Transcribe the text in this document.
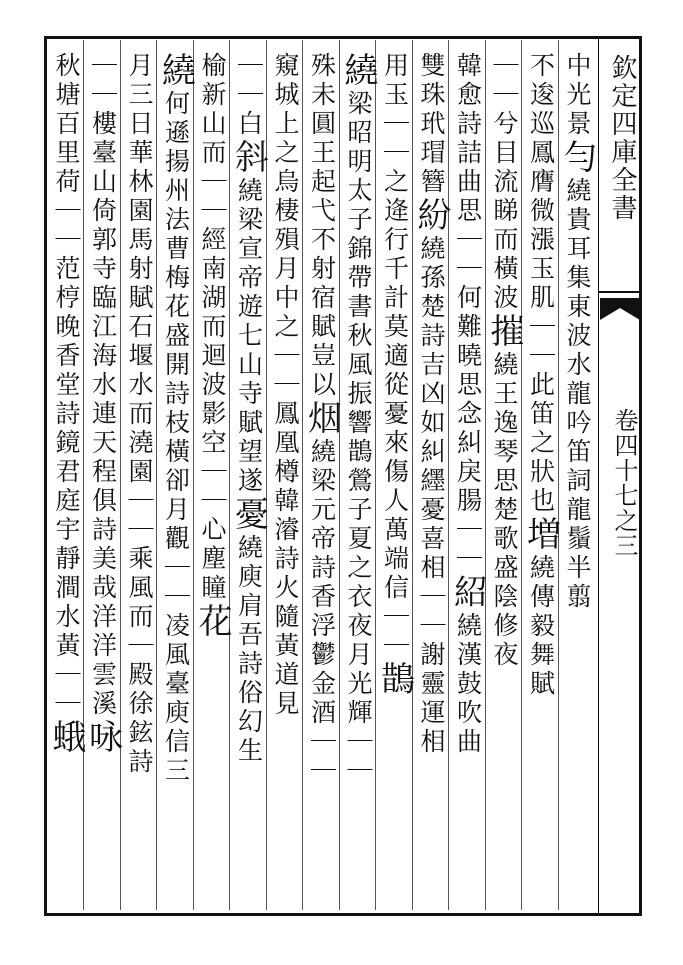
欽定四庫全書
卷四十七之三
中光景勻繞貴耳集東波水龍吟笛詞龍鬚半翦
不逡巡鳳膺微漲玉肌｜｜此笛之狀也増繞傳毅舞賦
｜｜兮目流睇而橫波摧繞王逸琴思楚歌盛陰修夜
韓愈詩詰曲思｜｜何難曉思念糾戾腸｜｜紹繞漢鼓吹曲
雙珠玳瑁簪紛繞孫楚詩吉凶如糾纆憂喜相｜｜謝靈運相
用玉｜｜之逄行千計莫適從憂來傷人萬端信｜｜鵲
繞梁昭明太子錦帶書秋風振響鵲鶯子夏之衣夜月光輝｜｜
殊未圓王起弋不射宿賦豈以烟繞梁元帝詩香浮鬱金酒｜｜
窺城上之烏棲殞月中之｜｜鳳凰樽韓濬詩火隨黃道見
｜｜白斜繞梁宣帝遊七山寺賦望遂憂繞庾肩吾詩俗幻生
榆新山而｜｜經南湖而迴波影空｜｜心塵瞳花
繞何遜揚州法曹梅花盛開詩枝橫卻月觀｜｜凌風臺庾信三
月三日華林園馬射賦石堰水而澆園｜｜乘風而｜殿徐鉉詩
｜｜樓臺山倚郭寺臨江海水連天程俱詩美哉洋洋雲溪咏
秋塘百里荷｜｜范梈晚香堂詩鏡君庭宇靜澗水黃｜｜蛾
